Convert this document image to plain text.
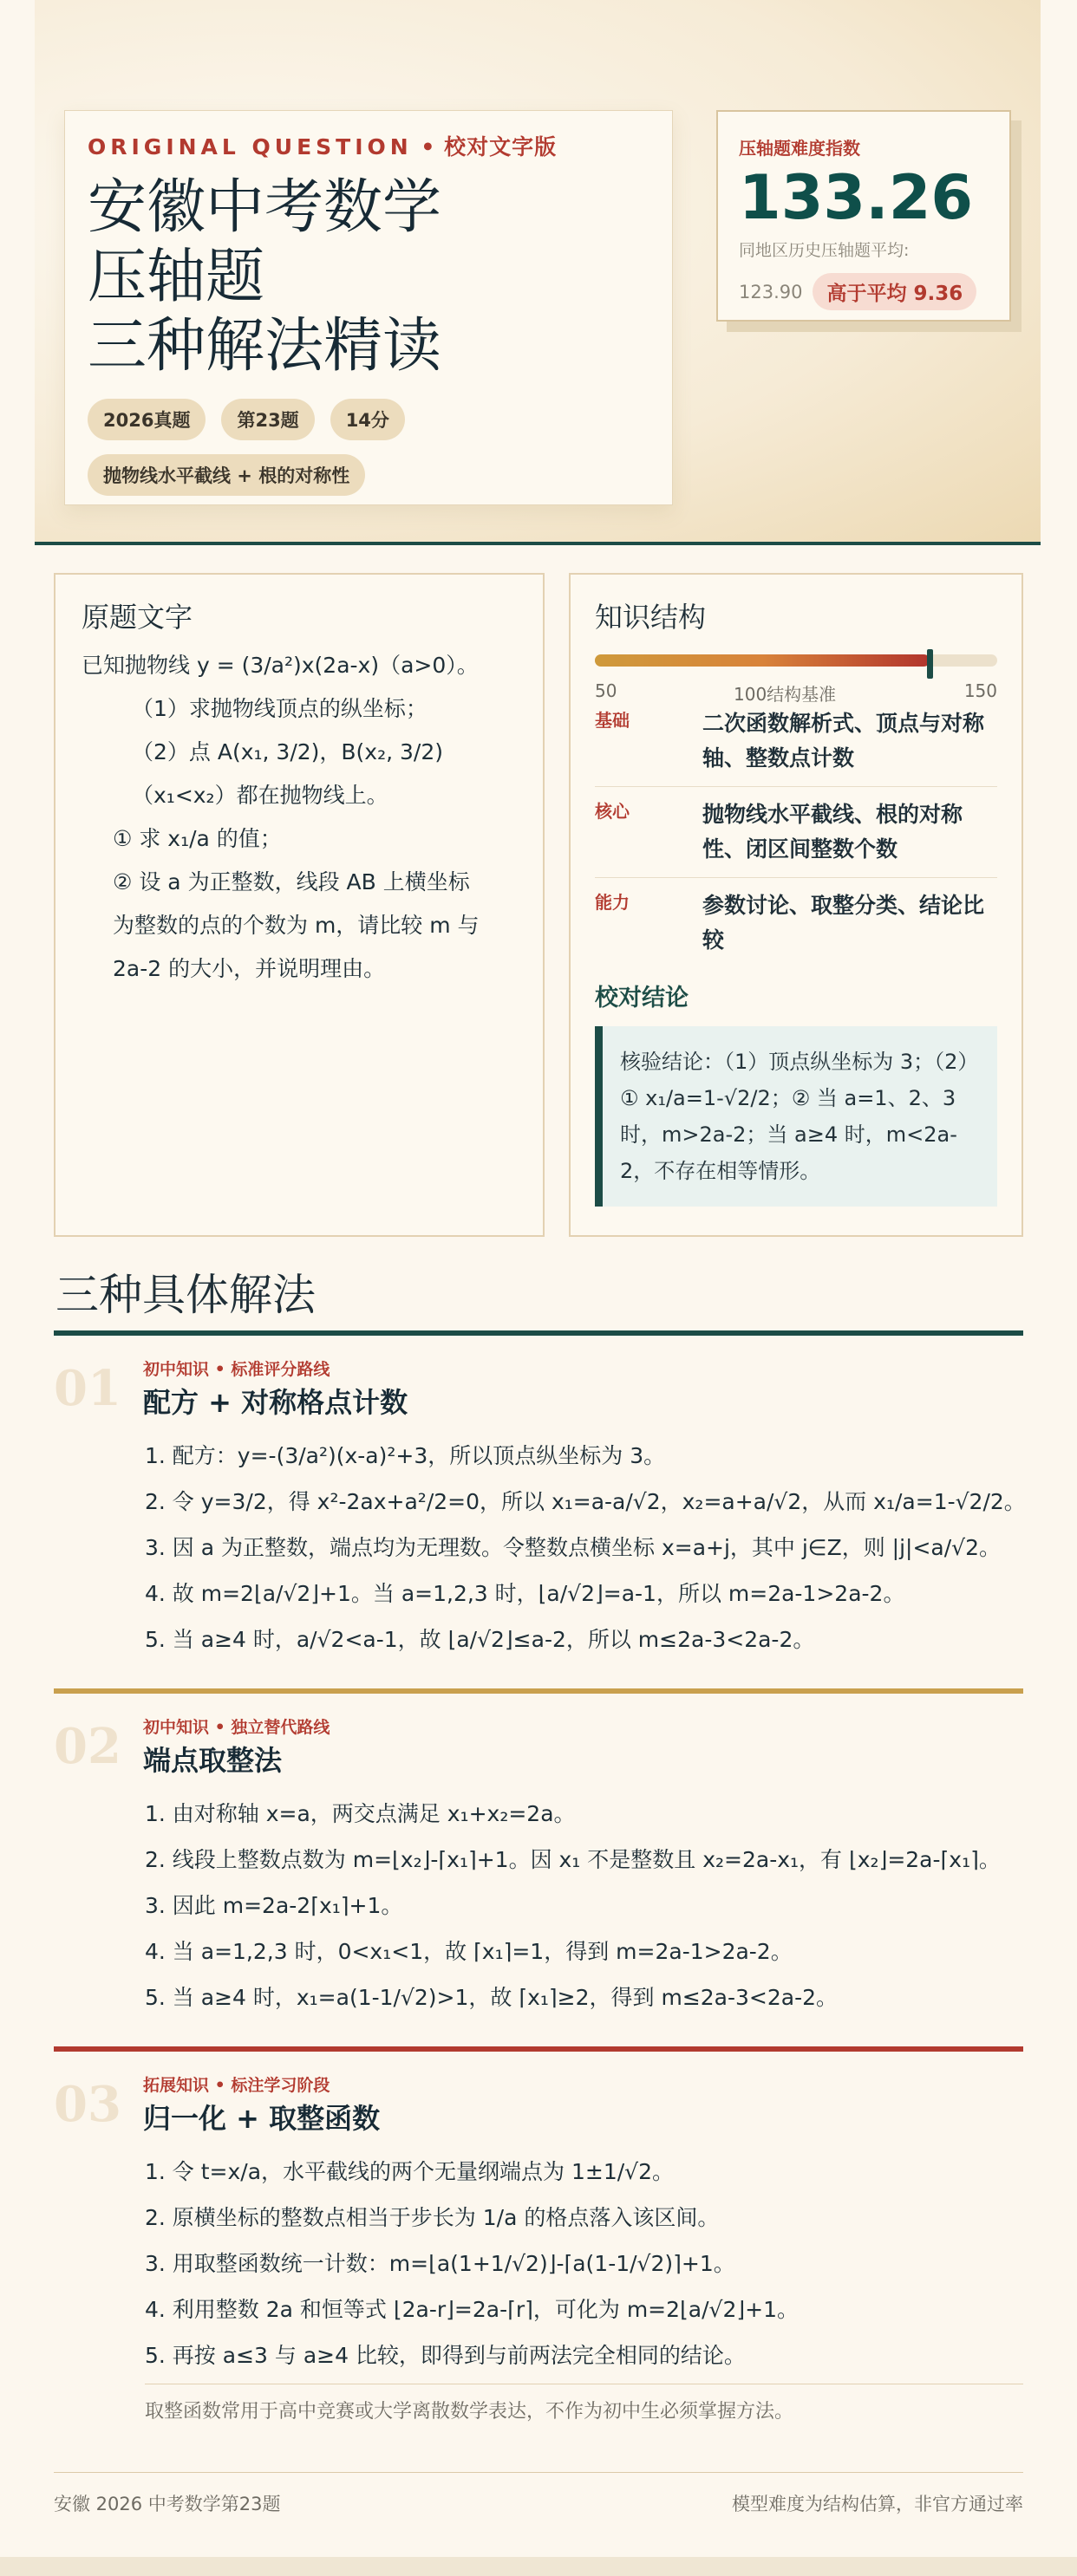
ORIGINAL QUESTION • 校对文字版
安徽中考数学
压轴题
三种解法精读
2026真题	第23题	14分
抛物线水平截线 + 根的对称性
压轴题难度指数
133.26
同地区历史压轴题平均:
123.90	高于平均 9.36
原题文字
已知抛物线 y = (3/a²)x(2a-x)（a>0）。
（1）求抛物线顶点的纵坐标；
（2）点 A(x₁, 3/2)，B(x₂, 3/2)
（x₁<x₂）都在抛物线上。
① 求 x₁/a 的值；
② 设 a 为正整数，线段 AB 上横坐标
为整数的点的个数为 m，请比较 m 与
2a-2 的大小，并说明理由。
知识结构
50	100结构基准	150
基础	二次函数解析式、顶点与对称轴、整数点计数
核心	抛物线水平截线、根的对称性、闭区间整数个数
能力	参数讨论、取整分类、结论比较
校对结论
核验结论：（1）顶点纵坐标为 3；（2）① x₁/a=1-√2/2；② 当 a=1、2、3 时，m>2a-2；当 a≥4 时，m<2a-2，不存在相等情形。
三种具体解法
01 初中知识 • 标准评分路线
配方 + 对称格点计数
1. 配方：y=-(3/a²)(x-a)²+3，所以顶点纵坐标为 3。
2. 令 y=3/2，得 x²-2ax+a²/2=0，所以 x₁=a-a/√2，x₂=a+a/√2，从而 x₁/a=1-√2/2。
3. 因 a 为正整数，端点均为无理数。令整数点横坐标 x=a+j，其中 j∈Z，则 |j|<a/√2。
4. 故 m=2⌊a/√2⌋+1。当 a=1,2,3 时，⌊a/√2⌋=a-1，所以 m=2a-1>2a-2。
5. 当 a≥4 时，a/√2<a-1，故 ⌊a/√2⌋≤a-2，所以 m≤2a-3<2a-2。
02 初中知识 • 独立替代路线
端点取整法
1. 由对称轴 x=a，两交点满足 x₁+x₂=2a。
2. 线段上整数点数为 m=⌊x₂⌋-⌈x₁⌉+1。因 x₁ 不是整数且 x₂=2a-x₁，有 ⌊x₂⌋=2a-⌈x₁⌉。
3. 因此 m=2a-2⌈x₁⌉+1。
4. 当 a=1,2,3 时，0<x₁<1，故 ⌈x₁⌉=1，得到 m=2a-1>2a-2。
5. 当 a≥4 时，x₁=a(1-1/√2)>1，故 ⌈x₁⌉≥2，得到 m≤2a-3<2a-2。
03 拓展知识 • 标注学习阶段
归一化 + 取整函数
1. 令 t=x/a，水平截线的两个无量纲端点为 1±1/√2。
2. 原横坐标的整数点相当于步长为 1/a 的格点落入该区间。
3. 用取整函数统一计数：m=⌊a(1+1/√2)⌋-⌈a(1-1/√2)⌉+1。
4. 利用整数 2a 和恒等式 ⌊2a-r⌋=2a-⌈r⌉，可化为 m=2⌊a/√2⌋+1。
5. 再按 a≤3 与 a≥4 比较，即得到与前两法完全相同的结论。
取整函数常用于高中竞赛或大学离散数学表达，不作为初中生必须掌握方法。
安徽 2026 中考数学第23题	模型难度为结构估算，非官方通过率
